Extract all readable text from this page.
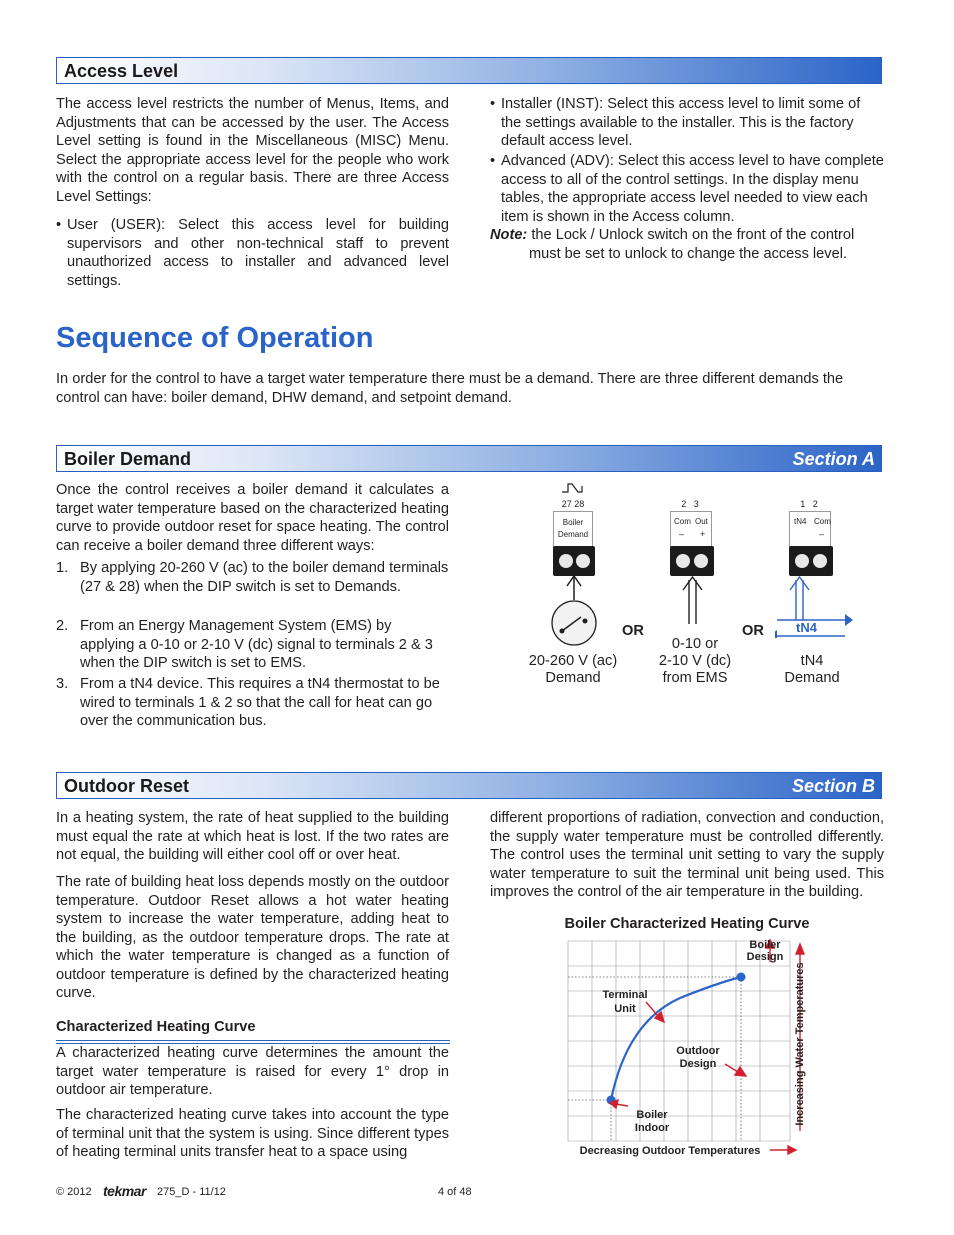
Access Level
The access level restricts the number of Menus, Items, and Adjustments that can be accessed by the user. The Access Level setting is found in the Miscellaneous (MISC) Menu. Select the appropriate access level for the people who work with the control on a regular basis. There are three Access Level Settings:
• User (USER): Select this access level for building supervisors and other non-technical staff to prevent unauthorized access to installer and advanced level settings.
• Installer (INST): Select this access level to limit some of the settings available to the installer. This is the factory default access level.
• Advanced (ADV): Select this access level to have complete access to all of the control settings. In the display menu tables, the appropriate access level needed to view each item is shown in the Access column.
Note: the Lock / Unlock switch on the front of the control must be set to unlock to change the access level.
Sequence of Operation
In order for the control to have a target water temperature there must be a demand. There are three different demands the control can have: boiler demand, DHW demand, and setpoint demand.
Boiler Demand	Section A
Once the control receives a boiler demand it calculates a target water temperature based on the characterized heating curve to provide outdoor reset for space heating. The control can receive a boiler demand three different ways:
1. By applying 20-260 V (ac) to the boiler demand terminals (27 & 28) when the DIP switch is set to Demands.
2. From an Energy Management System (EMS) by applying a 0-10 or 2-10 V (dc) signal to terminals 2 & 3 when the DIP switch is set to EMS.
3. From a tN4 device. This requires a tN4 thermostat to be wired to terminals 1 & 2 so that the call for heat can go over the communication bus.
27 28
Boiler
Demand
20-260 V (ac)
Demand
OR
2   3
Com Out
– +
0-10 or
2-10 V (dc)
from EMS
OR
1   2
tN4 Com
–
tN4
tN4
Demand
Outdoor Reset	Section B
In a heating system, the rate of heat supplied to the building must equal the rate at which heat is lost. If the two rates are not equal, the building will either cool off or over heat.
The rate of building heat loss depends mostly on the outdoor temperature. Outdoor Reset allows a hot water heating system to increase the water temperature, adding heat to the building, as the outdoor temperature drops. The rate at which the water temperature is changed as a function of outdoor temperature is defined by the characterized heating curve.
Characterized Heating Curve
A characterized heating curve determines the amount the target water temperature is raised for every 1° drop in outdoor air temperature.
The characterized heating curve takes into account the type of terminal unit that the system is using. Since different types of heating terminal units transfer heat to a space using
different proportions of radiation, convection and conduction, the supply water temperature must be controlled differently. The control uses the terminal unit setting to vary the supply water temperature to suit the terminal unit being used. This improves the control of the air temperature in the building.
Boiler Characterized Heating Curve
Boiler
Design
Terminal
Unit
Outdoor
Design
Boiler
Indoor
Decreasing Outdoor Temperatures
Increasing Water Temperatures
© 2012 tekmar 275_D - 11/12	4 of 48
